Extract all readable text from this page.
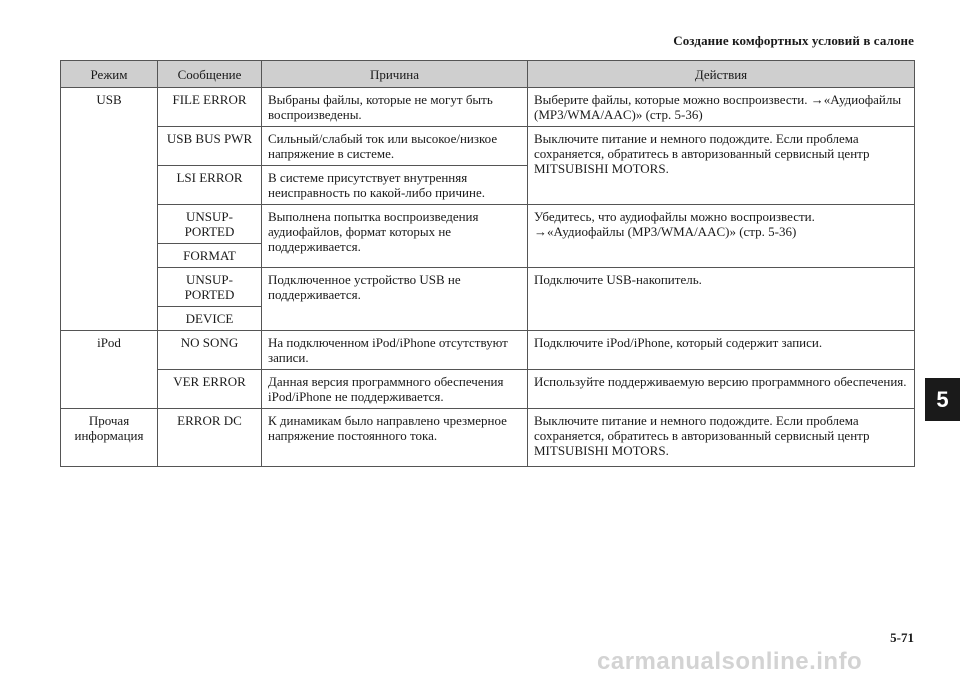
Создание комфортных условий в салоне
5
Режим	Сообщение	Причина	Действия
USB	FILE ERROR	Выбраны файлы, которые не могут быть воспроизведены.	Выберите файлы, которые можно воспроизвести. →«Аудиофайлы (MP3/WMA/AAC)» (стр. 5-36)
	USB BUS PWR	Сильный/слабый ток или высокое/низкое напряжение в системе.	Выключите питание и немного подождите. Если проблема сохраняется, обратитесь в авторизованный сервисный центр MITSUBISHI MOTORS.
	LSI ERROR	В системе присутствует внутренняя неисправность по какой-либо причине.	
	UNSUP-PORTED	Выполнена попытка воспроизведения аудиофайлов, формат которых не поддерживается.	Убедитесь, что аудиофайлы можно воспроизвести. →«Аудиофайлы (MP3/WMA/AAC)» (стр. 5-36)
	FORMAT		
	UNSUP-PORTED	Подключенное устройство USB не поддерживается.	Подключите USB-накопитель.
	DEVICE		
iPod	NO SONG	На подключенном iPod/iPhone отсутствуют записи.	Подключите iPod/iPhone, который содержит записи.
	VER ERROR	Данная версия программного обеспечения iPod/iPhone не поддерживается.	Используйте поддерживаемую версию программного обеспечения.
Прочая информация	ERROR DC	К динамикам было направлено чрезмерное напряжение постоянного тока.	Выключите питание и немного подождите. Если проблема сохраняется, обратитесь в авторизованный сервисный центр MITSUBISHI MOTORS.
5-71
carmanualsonline.info
